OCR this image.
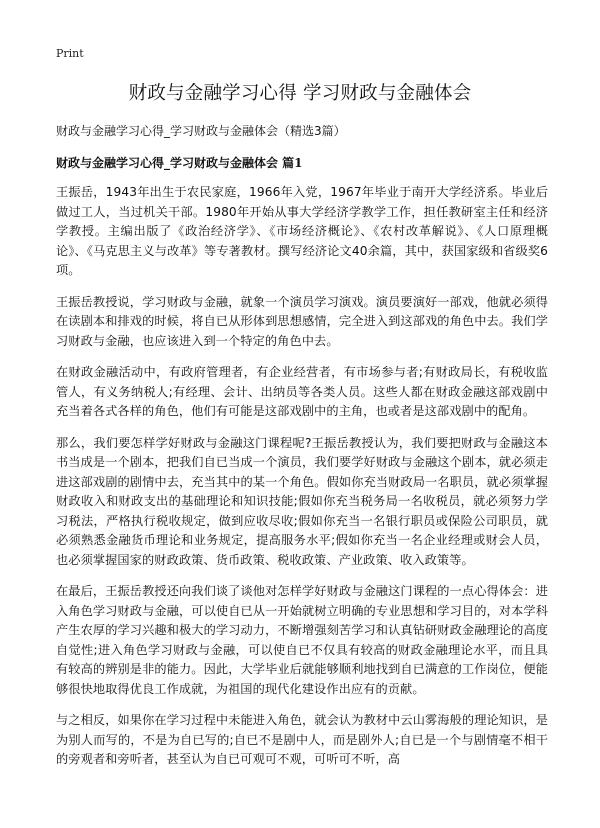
Print
财政与金融学习心得 学习财政与金融体会
财政与金融学习心得_学习财政与金融体会（精选3篇）
财政与金融学习心得_学习财政与金融体会 篇1

王振岳，1943年出生于农民家庭，1966年入党，1967年毕业于南开大学经济系。毕业后做过工人，当过机关干部。1980年开始从事大学经济学教学工作，担任教研室主任和经济学教授。主编出版了《政治经济学》、《市场经济概论》、《农村改革解说》、《人口原理概论》、《马克思主义与改革》等专著教材。撰写经济论文40余篇，其中，获国家级和省级奖6项。

王振岳教授说，学习财政与金融，就象一个演员学习演戏。演员要演好一部戏，他就必须得在读剧本和排戏的时候，将自已从形体到思想感情，完全进入到这部戏的角色中去。我们学习财政与金融，也应该进入到一个特定的角色中去。

在财政金融活动中，有政府管理者，有企业经营者，有市场参与者;有财政局长，有税收监管人，有义务纳税人;有经理、会计、出纳员等各类人员。这些人都在财政金融这部戏剧中充当着各式各样的角色，他们有可能是这部戏剧中的主角，也或者是这部戏剧中的配角。

那么，我们要怎样学好财政与金融这门课程呢?王振岳教授认为，我们要把财政与金融这本书当成是一个剧本，把我们自已当成一个演员，我们要学好财政与金融这个剧本，就必须走进这部戏剧的剧情中去，充当其中的某一个角色。假如你充当财政局一名职员，就必须掌握财政收入和财政支出的基础理论和知识技能;假如你充当税务局一名收税员，就必须努力学习税法，严格执行税收规定，做到应收尽收;假如你充当一名银行职员或保险公司职员，就必须熟悉金融货币理论和业务规定，提高服务水平;假如你充当一名企业经理或财会人员，也必须掌握国家的财政政策、货币政策、税收政策、产业政策、收入政策等。

在最后，王振岳教授还向我们谈了谈他对怎样学好财政与金融这门课程的一点心得体会：进入角色学习财政与金融，可以使自已从一开始就树立明确的专业思想和学习目的，对本学科产生农厚的学习兴趣和极大的学习动力，不断增强刻苦学习和认真钻研财政金融理论的高度自觉性;进入角色学习财政与金融，可以使自已不仅具有较高的财政金融理论水平，而且具有较高的辨别是非的能力。因此，大学毕业后就能够顺利地找到自已满意的工作岗位，便能够很快地取得优良工作成就，为祖国的现代化建设作出应有的贡献。

与之相反，如果你在学习过程中未能进入角色，就会认为教材中云山雾海般的理论知识，是为别人而写的，不是为自已写的;自已不是剧中人，而是剧外人;自已是一个与剧情毫不相干的旁观者和旁听者，甚至认为自已可观可不观，可听可不听，高
